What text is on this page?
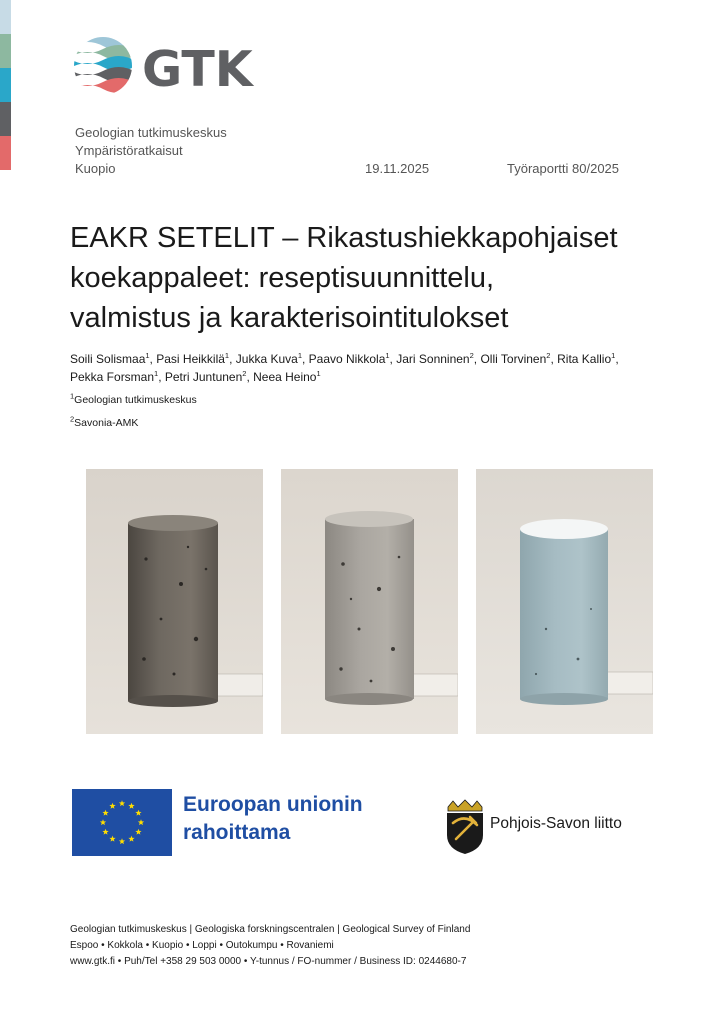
GTK
Geologian tutkimuskeskus
Ympäristöratkaisut
Kuopio	19.11.2025	Työraportti 80/2025
EAKR SETELIT – Rikastushiekkapohjaiset
koekappaleet: reseptisuunnittelu,
valmistus ja karakterisointitulokset
Soili Solismaa$^1$, Pasi Heikkilä$^1$, Jukka Kuva$^1$, Paavo Nikkola$^1$, Jari Sonninen$^2$, Olli Torvinen$^2$, Rita Kallio$^1$,
Pekka Forsman$^1$, Petri Juntunen$^2$, Neea Heino$^1$
$^1$Geologian tutkimuskeskus
$^2$Savonia-AMK
Euroopan unionin
rahoittama	Pohjois-Savon liitto
Geologian tutkimuskeskus | Geologiska forskningscentralen | Geological Survey of Finland
Espoo • Kokkola • Kuopio • Loppi • Outokumpu • Rovaniemi
www.gtk.fi • Puh/Tel +358 29 503 0000 • Y-tunnus / FO-nummer / Business ID: 0244680-7
